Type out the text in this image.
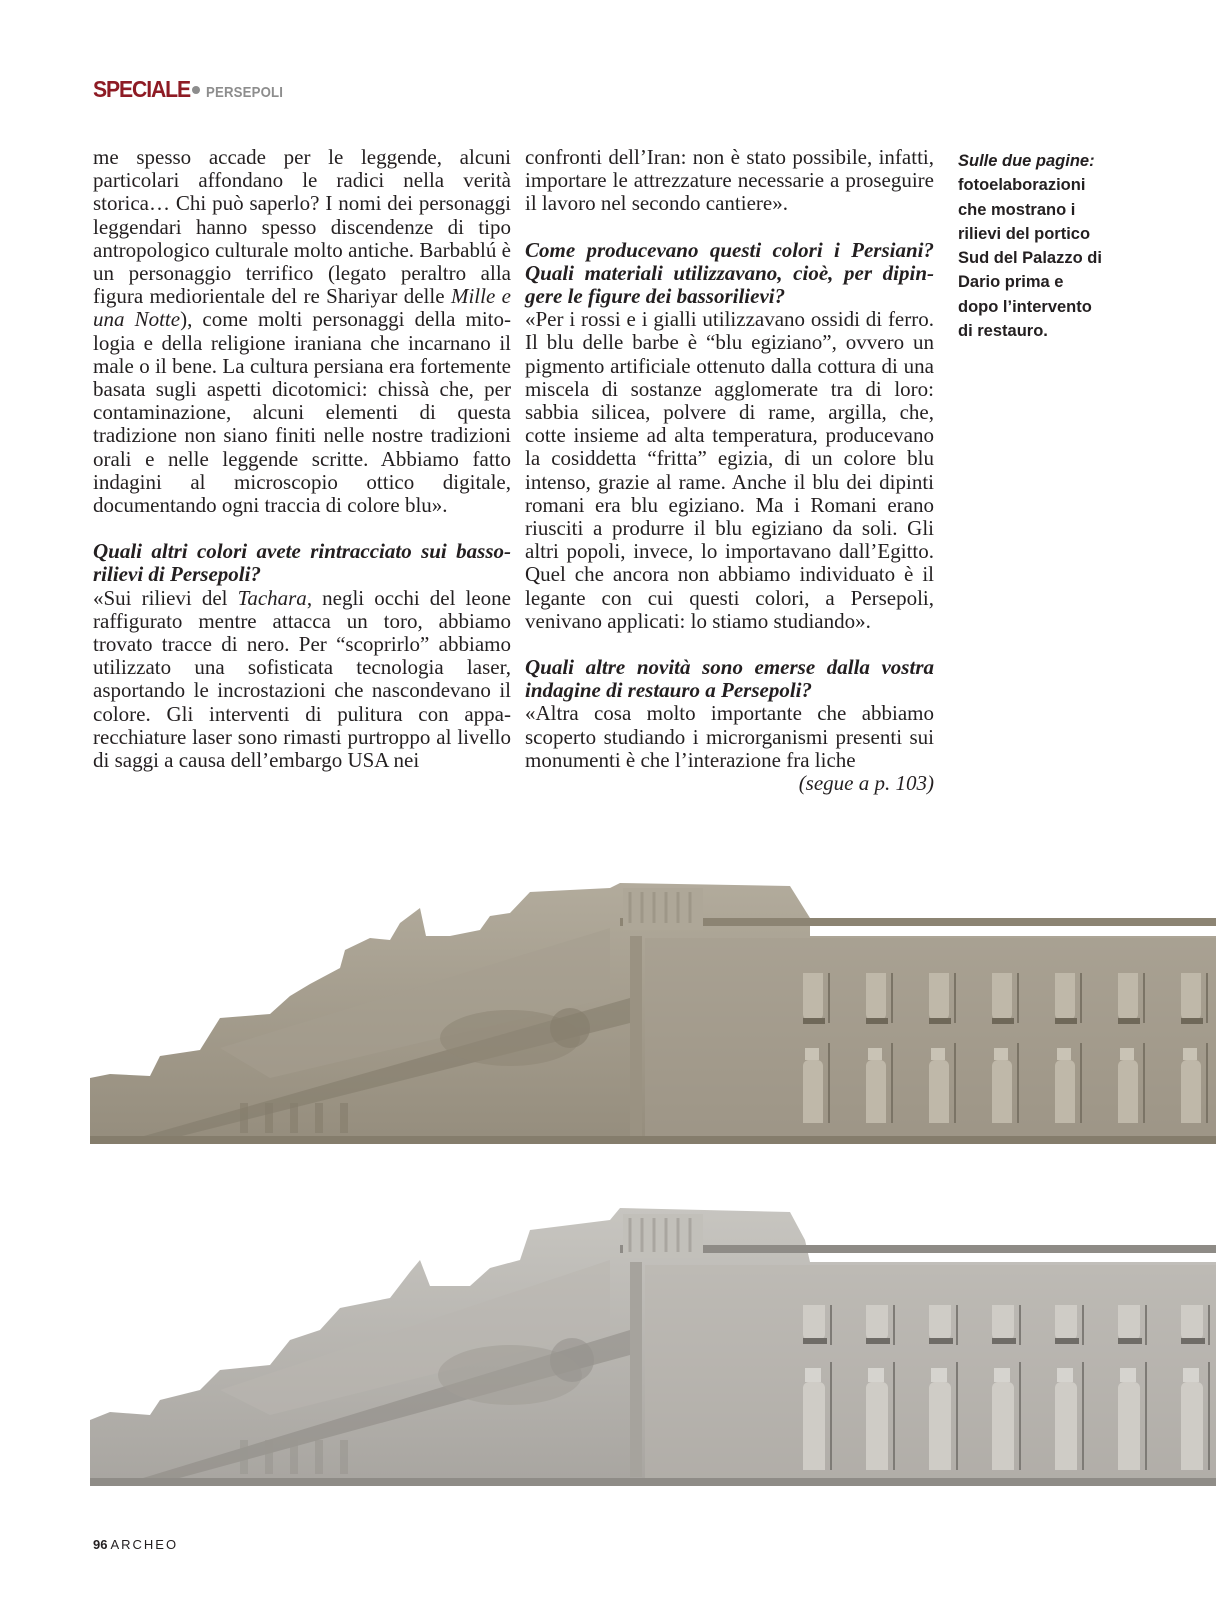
SPECIALE PERSEPOLI

me spesso accade per le leggende, alcuni particolari affondano le radici nella verità storica… Chi può saperlo? I nomi dei personaggi leggendari hanno spesso discendenze di tipo antropologico culturale molto antiche. Barbablú è un personaggio terrifico (legato peraltro alla figura mediorientale del re Shariyar delle Mille e una Notte), come molti personaggi della mitologia e della religione iraniana che incarnano il male o il bene. La cultura persiana era fortemente basata sugli aspetti dicotomici: chissà che, per contaminazione, alcuni elementi di questa tradizione non siano finiti nelle nostre tradizioni orali e nelle leggende scritte. Abbiamo fatto indagini al microscopio ottico digitale, documentando ogni traccia di colore blu».

Quali altri colori avete rintracciato sui bassorilievi di Persepoli?

«Sui rilievi del Tachara, negli occhi del leone raffigurato mentre attacca un toro, abbiamo trovato tracce di nero. Per “scoprirlo” abbiamo utilizzato una sofisticata tecnologia laser, asportando le incrostazioni che nascondevano il colore. Gli interventi di pulitura con apparecchiature laser sono rimasti purtroppo al livello di saggi a causa dell’embargo USA nei

confronti dell’Iran: non è stato possibile, infatti, importare le attrezzature necessarie a proseguire il lavoro nel secondo cantiere».

Come producevano questi colori i Persiani? Quali materiali utilizzavano, cioè, per dipingere le figure dei bassorilievi?

«Per i rossi e i gialli utilizzavano ossidi di ferro. Il blu delle barbe è “blu egiziano”, ovvero un pigmento artificiale ottenuto dalla cottura di una miscela di sostanze agglomerate tra di loro: sabbia silicea, polvere di rame, argilla, che, cotte insieme ad alta temperatura, producevano la cosiddetta “fritta” egizia, di un colore blu intenso, grazie al rame. Anche il blu dei dipinti romani era blu egiziano. Ma i Romani erano riusciti a produrre il blu egiziano da soli. Gli altri popoli, invece, lo importavano dall’Egitto. Quel che ancora non abbiamo individuato è il legante con cui questi colori, a Persepoli, venivano applicati: lo stiamo studiando».

Quali altre novità sono emerse dalla vostra indagine di restauro a Persepoli?

«Altra cosa molto importante che abbiamo scoperto studiando i microrganismi presenti sui monumenti è che l’interazione fra liche

(segue a p. 103)

Sulle due pagine:
fotoelaborazioni che mostrano i rilievi del portico Sud del Palazzo di Dario prima e dopo l’intervento di restauro.
96 ARCHEO
